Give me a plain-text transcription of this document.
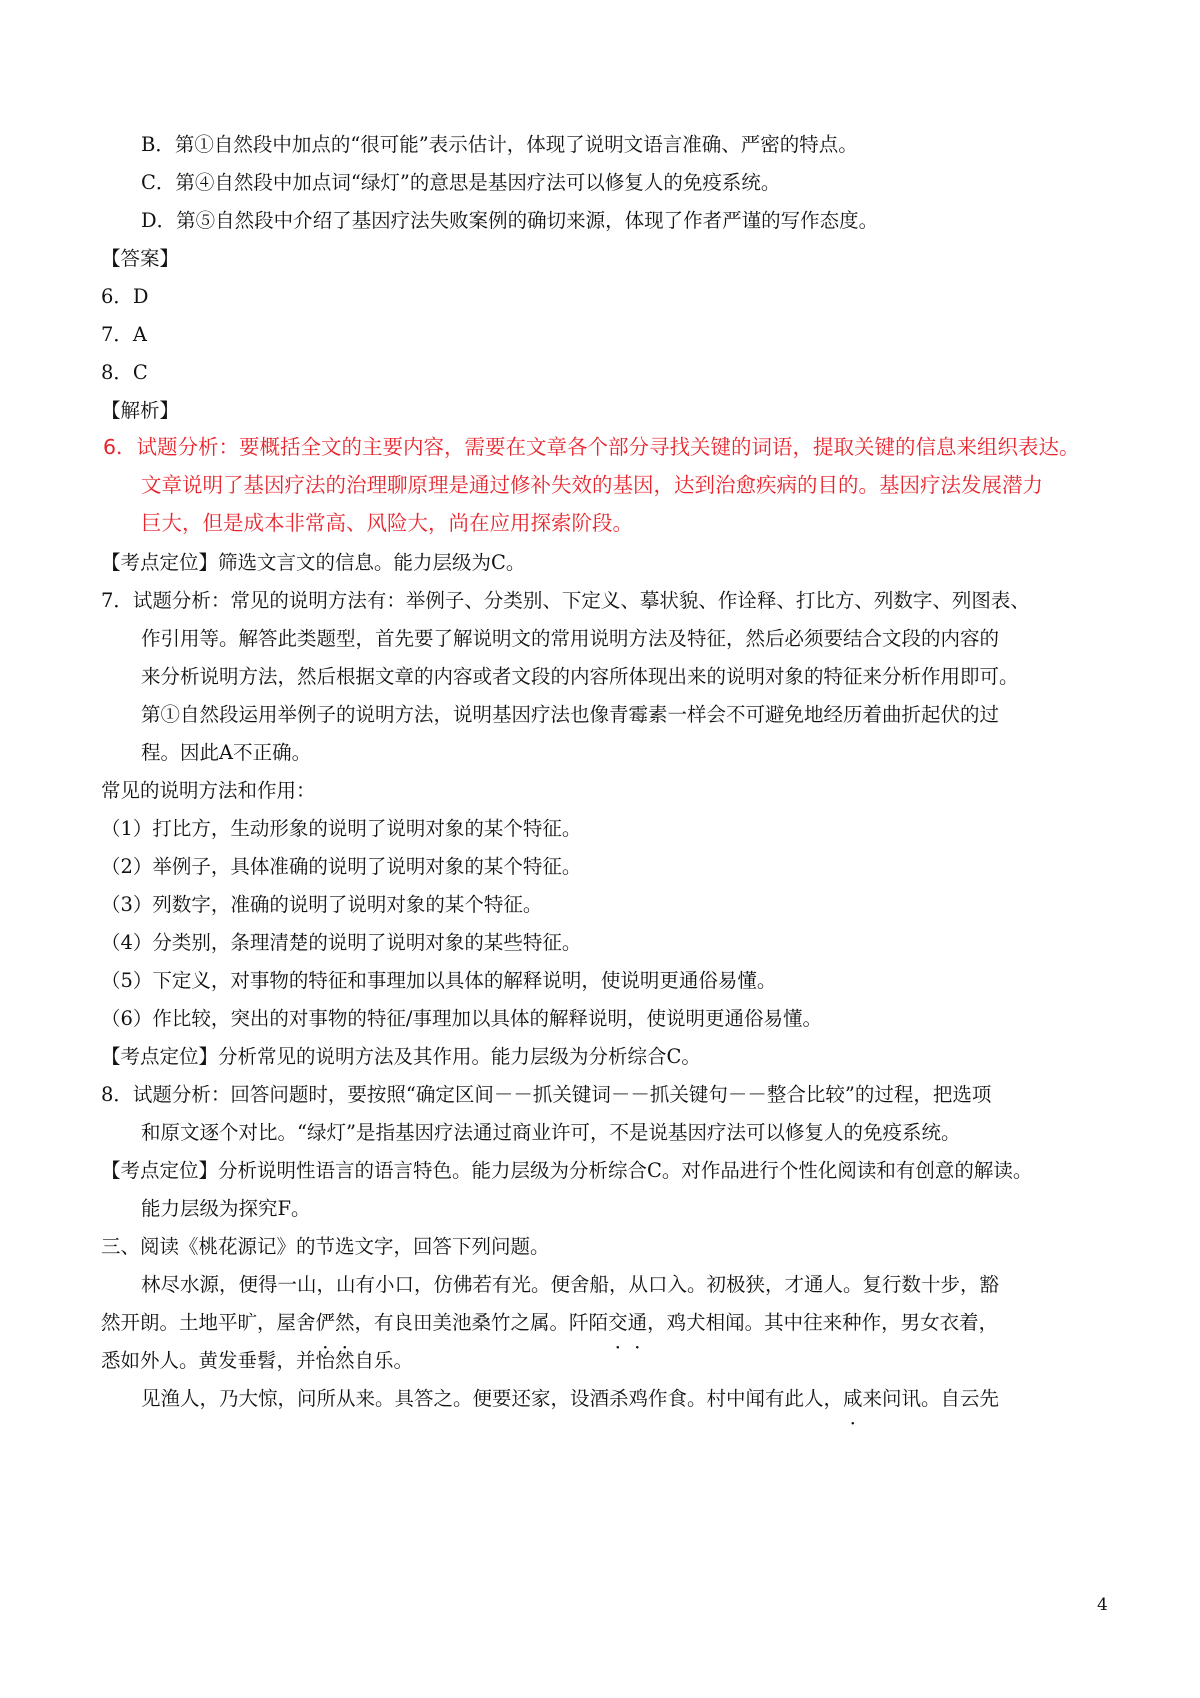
B．第①自然段中加点的“很可能”表示估计，体现了说明文语言准确、严密的特点。
C．第④自然段中加点词“绿灯”的意思是基因疗法可以修复人的免疫系统。
D．第⑤自然段中介绍了基因疗法失败案例的确切来源，体现了作者严谨的写作态度。
【答案】
6．D
7．A
8．C
【解析】
6．试题分析：要概括全文的主要内容，需要在文章各个部分寻找关键的词语，提取关键的信息来组织表达。
文章说明了基因疗法的治理聊原理是通过修补失效的基因，达到治愈疾病的目的。基因疗法发展潜力
巨大，但是成本非常高、风险大，尚在应用探索阶段。
【考点定位】筛选文言文的信息。能力层级为C。
7．试题分析：常见的说明方法有：举例子、分类别、下定义、摹状貌、作诠释、打比方、列数字、列图表、
作引用等。解答此类题型，首先要了解说明文的常用说明方法及特征，然后必须要结合文段的内容的
来分析说明方法，然后根据文章的内容或者文段的内容所体现出来的说明对象的特征来分析作用即可。
第①自然段运用举例子的说明方法，说明基因疗法也像青霉素一样会不可避免地经历着曲折起伏的过
程。因此A不正确。
常见的说明方法和作用：
（1）打比方，生动形象的说明了说明对象的某个特征。
（2）举例子，具体准确的说明了说明对象的某个特征。
（3）列数字，准确的说明了说明对象的某个特征。
（4）分类别，条理清楚的说明了说明对象的某些特征。
（5）下定义，对事物的特征和事理加以具体的解释说明，使说明更通俗易懂。
（6）作比较，突出的对事物的特征/事理加以具体的解释说明，使说明更通俗易懂。
【考点定位】分析常见的说明方法及其作用。能力层级为分析综合C。
8．试题分析：回答问题时，要按照“确定区间－－抓关键词－－抓关键句－－整合比较”的过程，把选项
和原文逐个对比。“绿灯”是指基因疗法通过商业许可，不是说基因疗法可以修复人的免疫系统。
【考点定位】分析说明性语言的语言特色。能力层级为分析综合C。对作品进行个性化阅读和有创意的解读。
能力层级为探究F。
三、阅读《桃花源记》的节选文字，回答下列问题。
林尽水源，便得一山，山有小口，仿佛若有光。便舍船，从口入。初极狭，才通人。复行数十步，豁
然开朗。土地平旷，屋舍俨然，有良田美池桑竹之属。阡陌交通，鸡犬相闻。其中往来种作，男女衣着，
悉如外人。黄发垂髫，并怡然自乐。
见渔人，乃大惊，问所从来。具答之。便要还家，设酒杀鸡作食。村中闻有此人，咸来问讯。自云先
4
